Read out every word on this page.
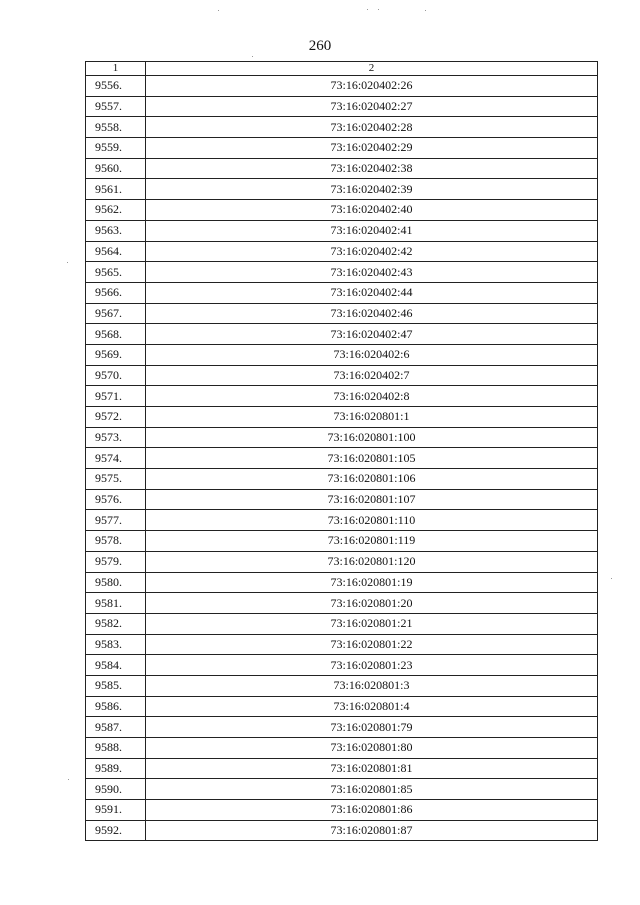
260
1	2
9556.	73:16:020402:26
9557.	73:16:020402:27
9558.	73:16:020402:28
9559.	73:16:020402:29
9560.	73:16:020402:38
9561.	73:16:020402:39
9562.	73:16:020402:40
9563.	73:16:020402:41
9564.	73:16:020402:42
9565.	73:16:020402:43
9566.	73:16:020402:44
9567.	73:16:020402:46
9568.	73:16:020402:47
9569.	73:16:020402:6
9570.	73:16:020402:7
9571.	73:16:020402:8
9572.	73:16:020801:1
9573.	73:16:020801:100
9574.	73:16:020801:105
9575.	73:16:020801:106
9576.	73:16:020801:107
9577.	73:16:020801:110
9578.	73:16:020801:119
9579.	73:16:020801:120
9580.	73:16:020801:19
9581.	73:16:020801:20
9582.	73:16:020801:21
9583.	73:16:020801:22
9584.	73:16:020801:23
9585.	73:16:020801:3
9586.	73:16:020801:4
9587.	73:16:020801:79
9588.	73:16:020801:80
9589.	73:16:020801:81
9590.	73:16:020801:85
9591.	73:16:020801:86
9592.	73:16:020801:87
